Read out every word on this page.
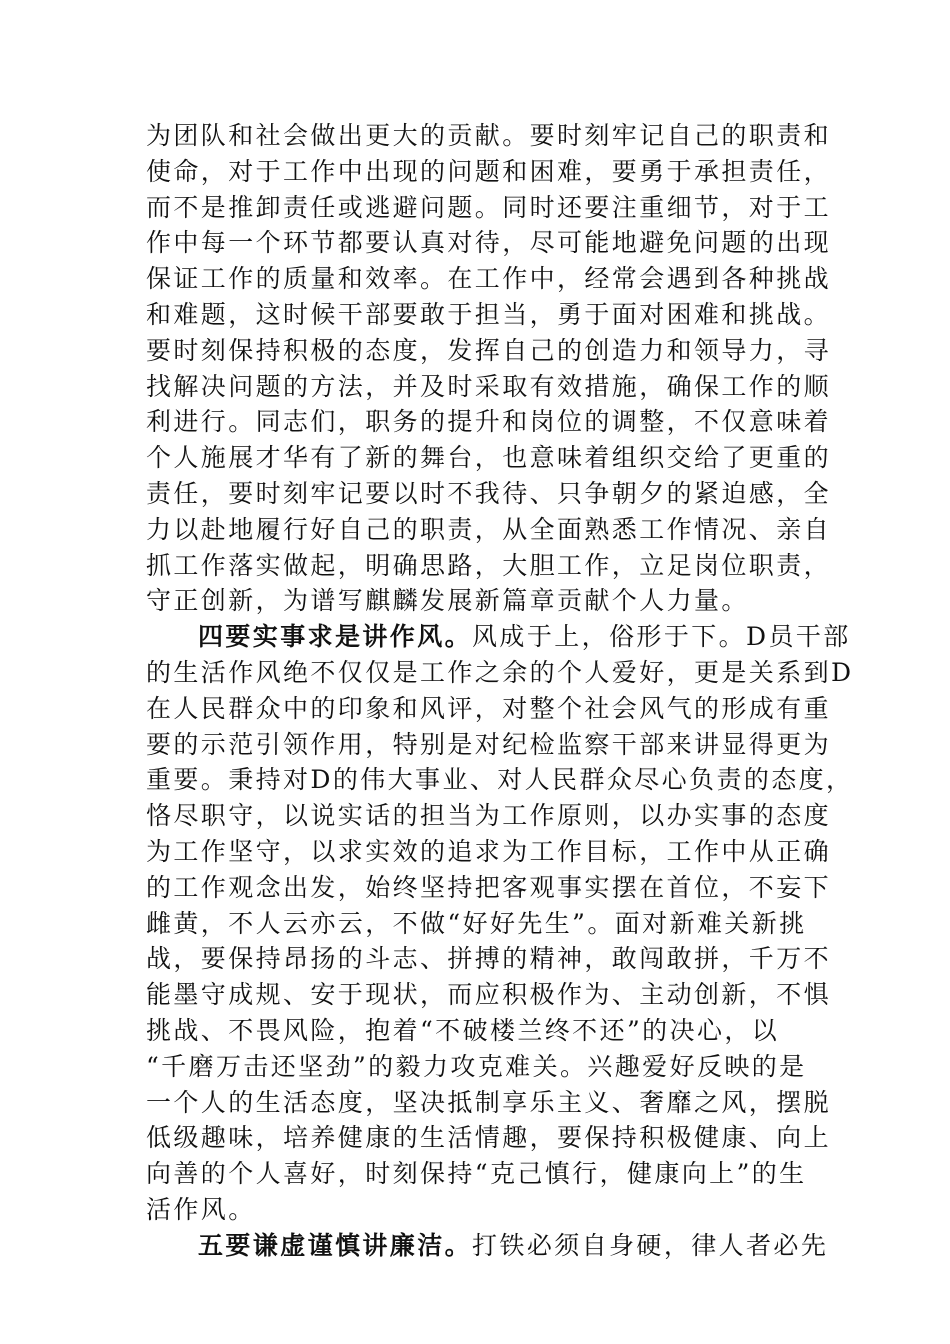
为团队和社会做出更大的贡献。要时刻牢记自己的职责和
使命，对于工作中出现的问题和困难，要勇于承担责任，
而不是推卸责任或逃避问题。同时还要注重细节，对于工
作中每一个环节都要认真对待，尽可能地避免问题的出现
保证工作的质量和效率。在工作中，经常会遇到各种挑战
和难题，这时候干部要敢于担当，勇于面对困难和挑战。
要时刻保持积极的态度，发挥自己的创造力和领导力，寻
找解决问题的方法，并及时采取有效措施，确保工作的顺
利进行。同志们，职务的提升和岗位的调整，不仅意味着
个人施展才华有了新的舞台，也意味着组织交给了更重的
责任，要时刻牢记要以时不我待、只争朝夕的紧迫感，全
力以赴地履行好自己的职责，从全面熟悉工作情况、亲自
抓工作落实做起，明确思路，大胆工作，立足岗位职责，
守正创新，为谱写麒麟发展新篇章贡献个人力量。
四要实事求是讲作风。风成于上，俗形于下。D员干部
的生活作风绝不仅仅是工作之余的个人爱好，更是关系到D
在人民群众中的印象和风评，对整个社会风气的形成有重
要的示范引领作用，特别是对纪检监察干部来讲显得更为
重要。秉持对D的伟大事业、对人民群众尽心负责的态度，
恪尽职守，以说实话的担当为工作原则，以办实事的态度
为工作坚守，以求实效的追求为工作目标，工作中从正确
的工作观念出发，始终坚持把客观事实摆在首位，不妄下
雌黄，不人云亦云，不做“好好先生”。面对新难关新挑
战，要保持昂扬的斗志、拼搏的精神，敢闯敢拼，千万不
能墨守成规、安于现状，而应积极作为、主动创新，不惧
挑战、不畏风险，抱着“不破楼兰终不还”的决心，以
“千磨万击还坚劲”的毅力攻克难关。兴趣爱好反映的是
一个人的生活态度，坚决抵制享乐主义、奢靡之风，摆脱
低级趣味，培养健康的生活情趣，要保持积极健康、向上
向善的个人喜好，时刻保持“克己慎行，健康向上”的生
活作风。
五要谦虚谨慎讲廉洁。打铁必须自身硬，律人者必先
